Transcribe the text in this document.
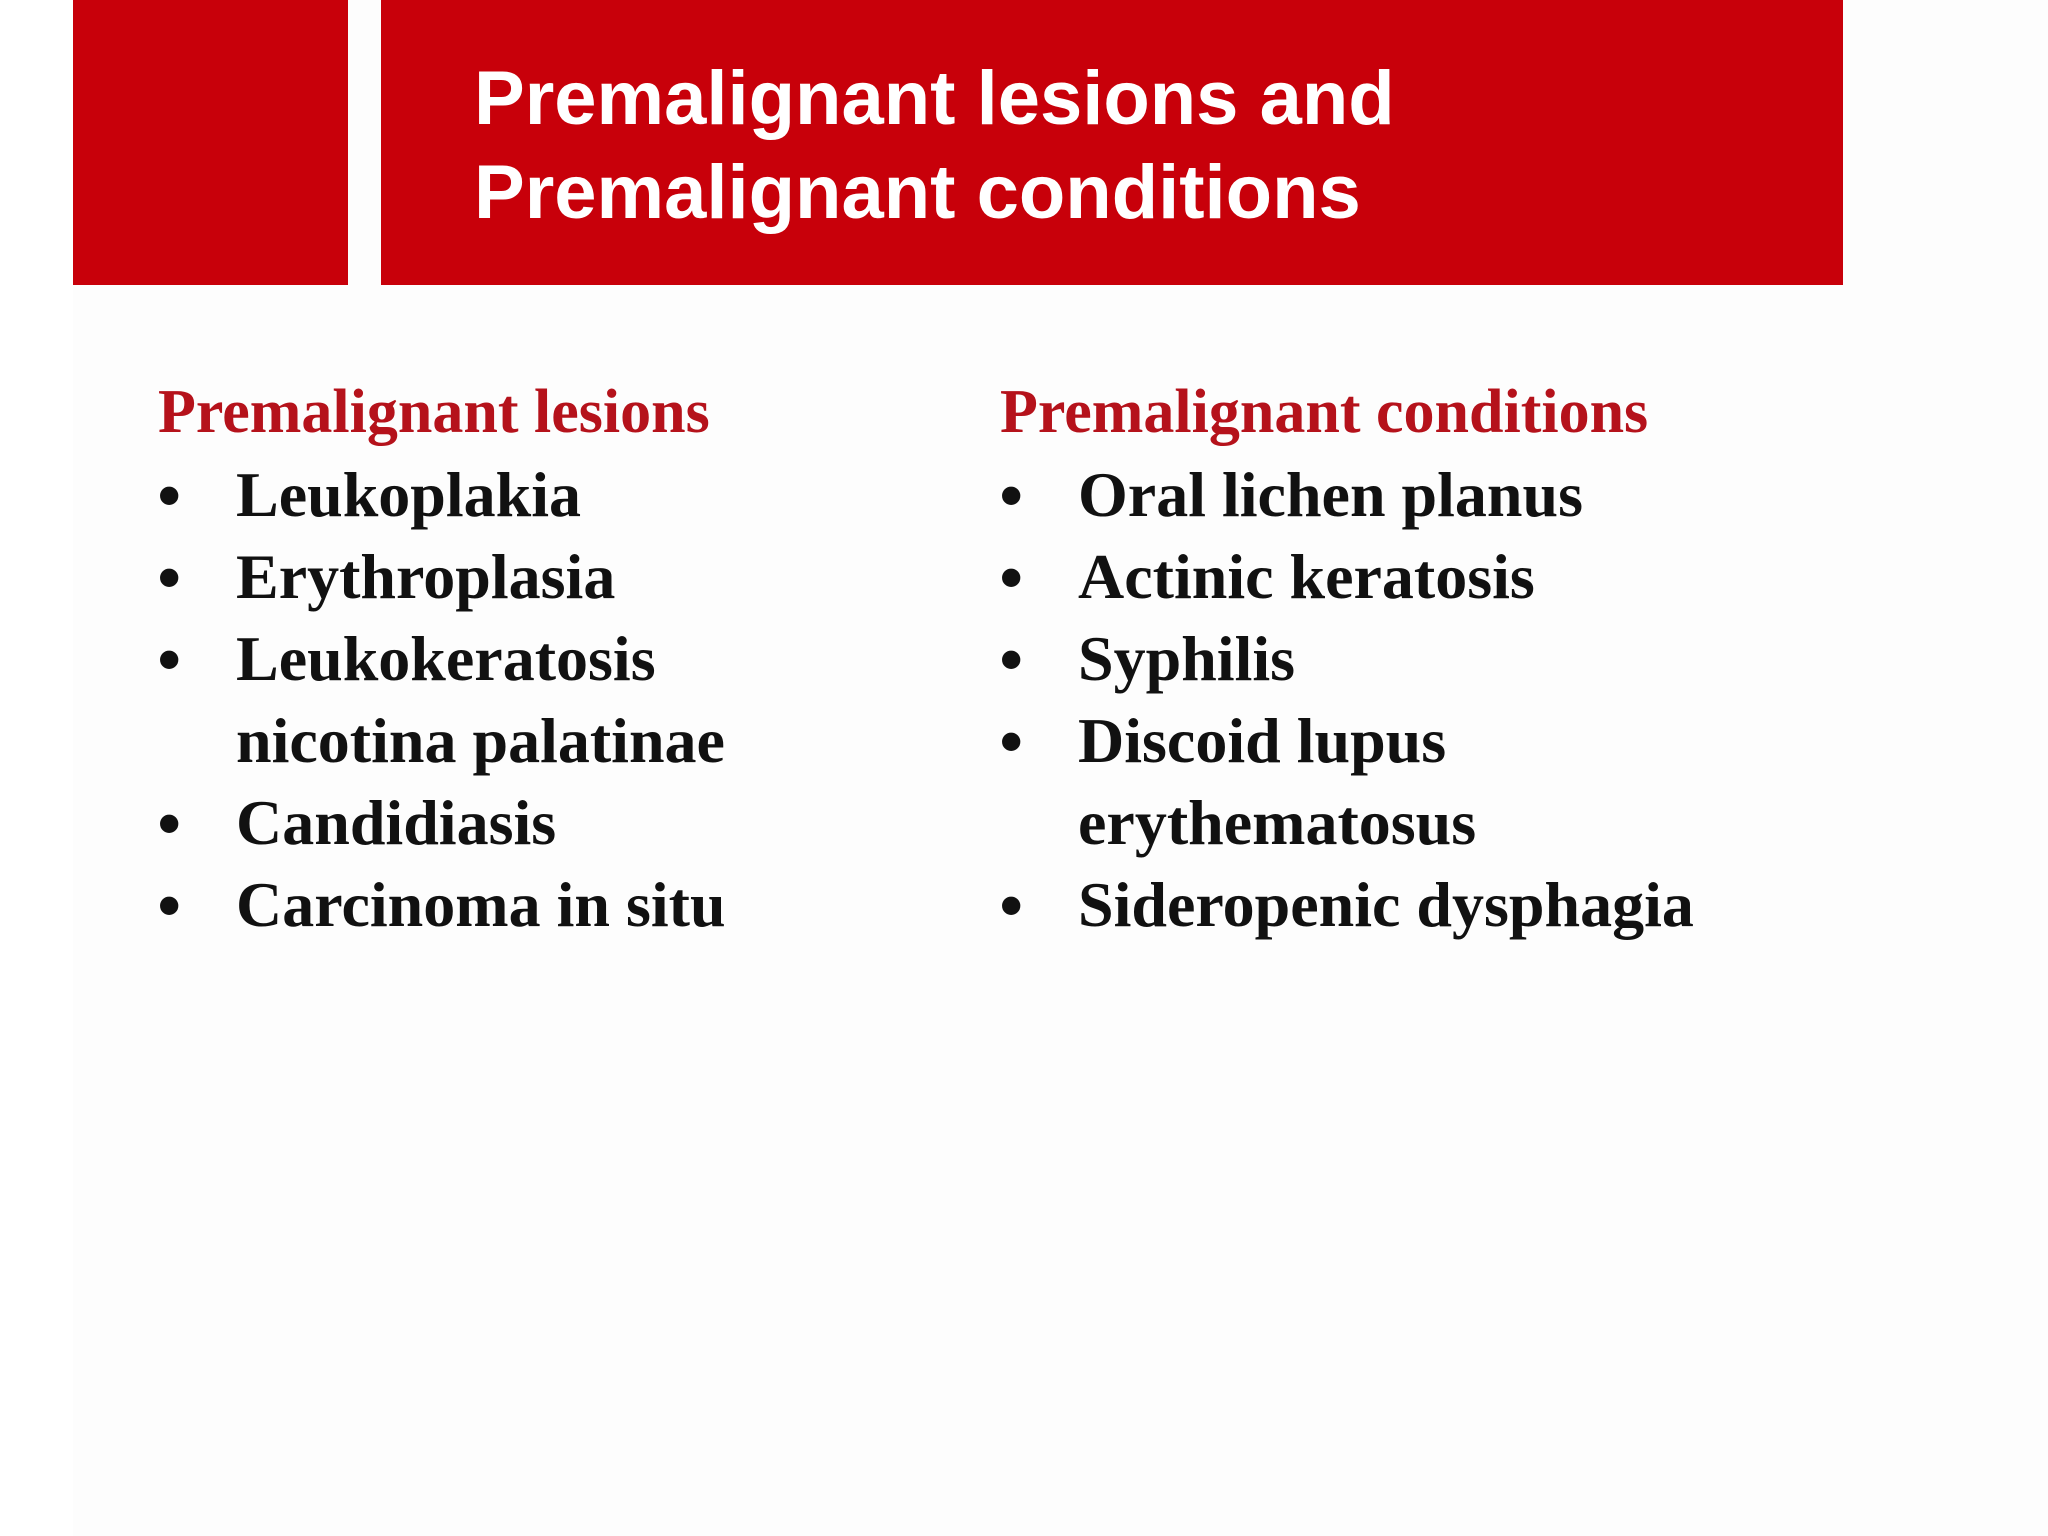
Premalignant lesions and
Premalignant conditions
Premalignant lesions
• Leukoplakia
• Erythroplasia
• Leukokeratosis
nicotina palatinae
• Candidiasis
• Carcinoma in situ
Premalignant conditions
• Oral lichen planus
• Actinic keratosis
• Syphilis
• Discoid lupus
erythematosus
• Sideropenic dysphagia
